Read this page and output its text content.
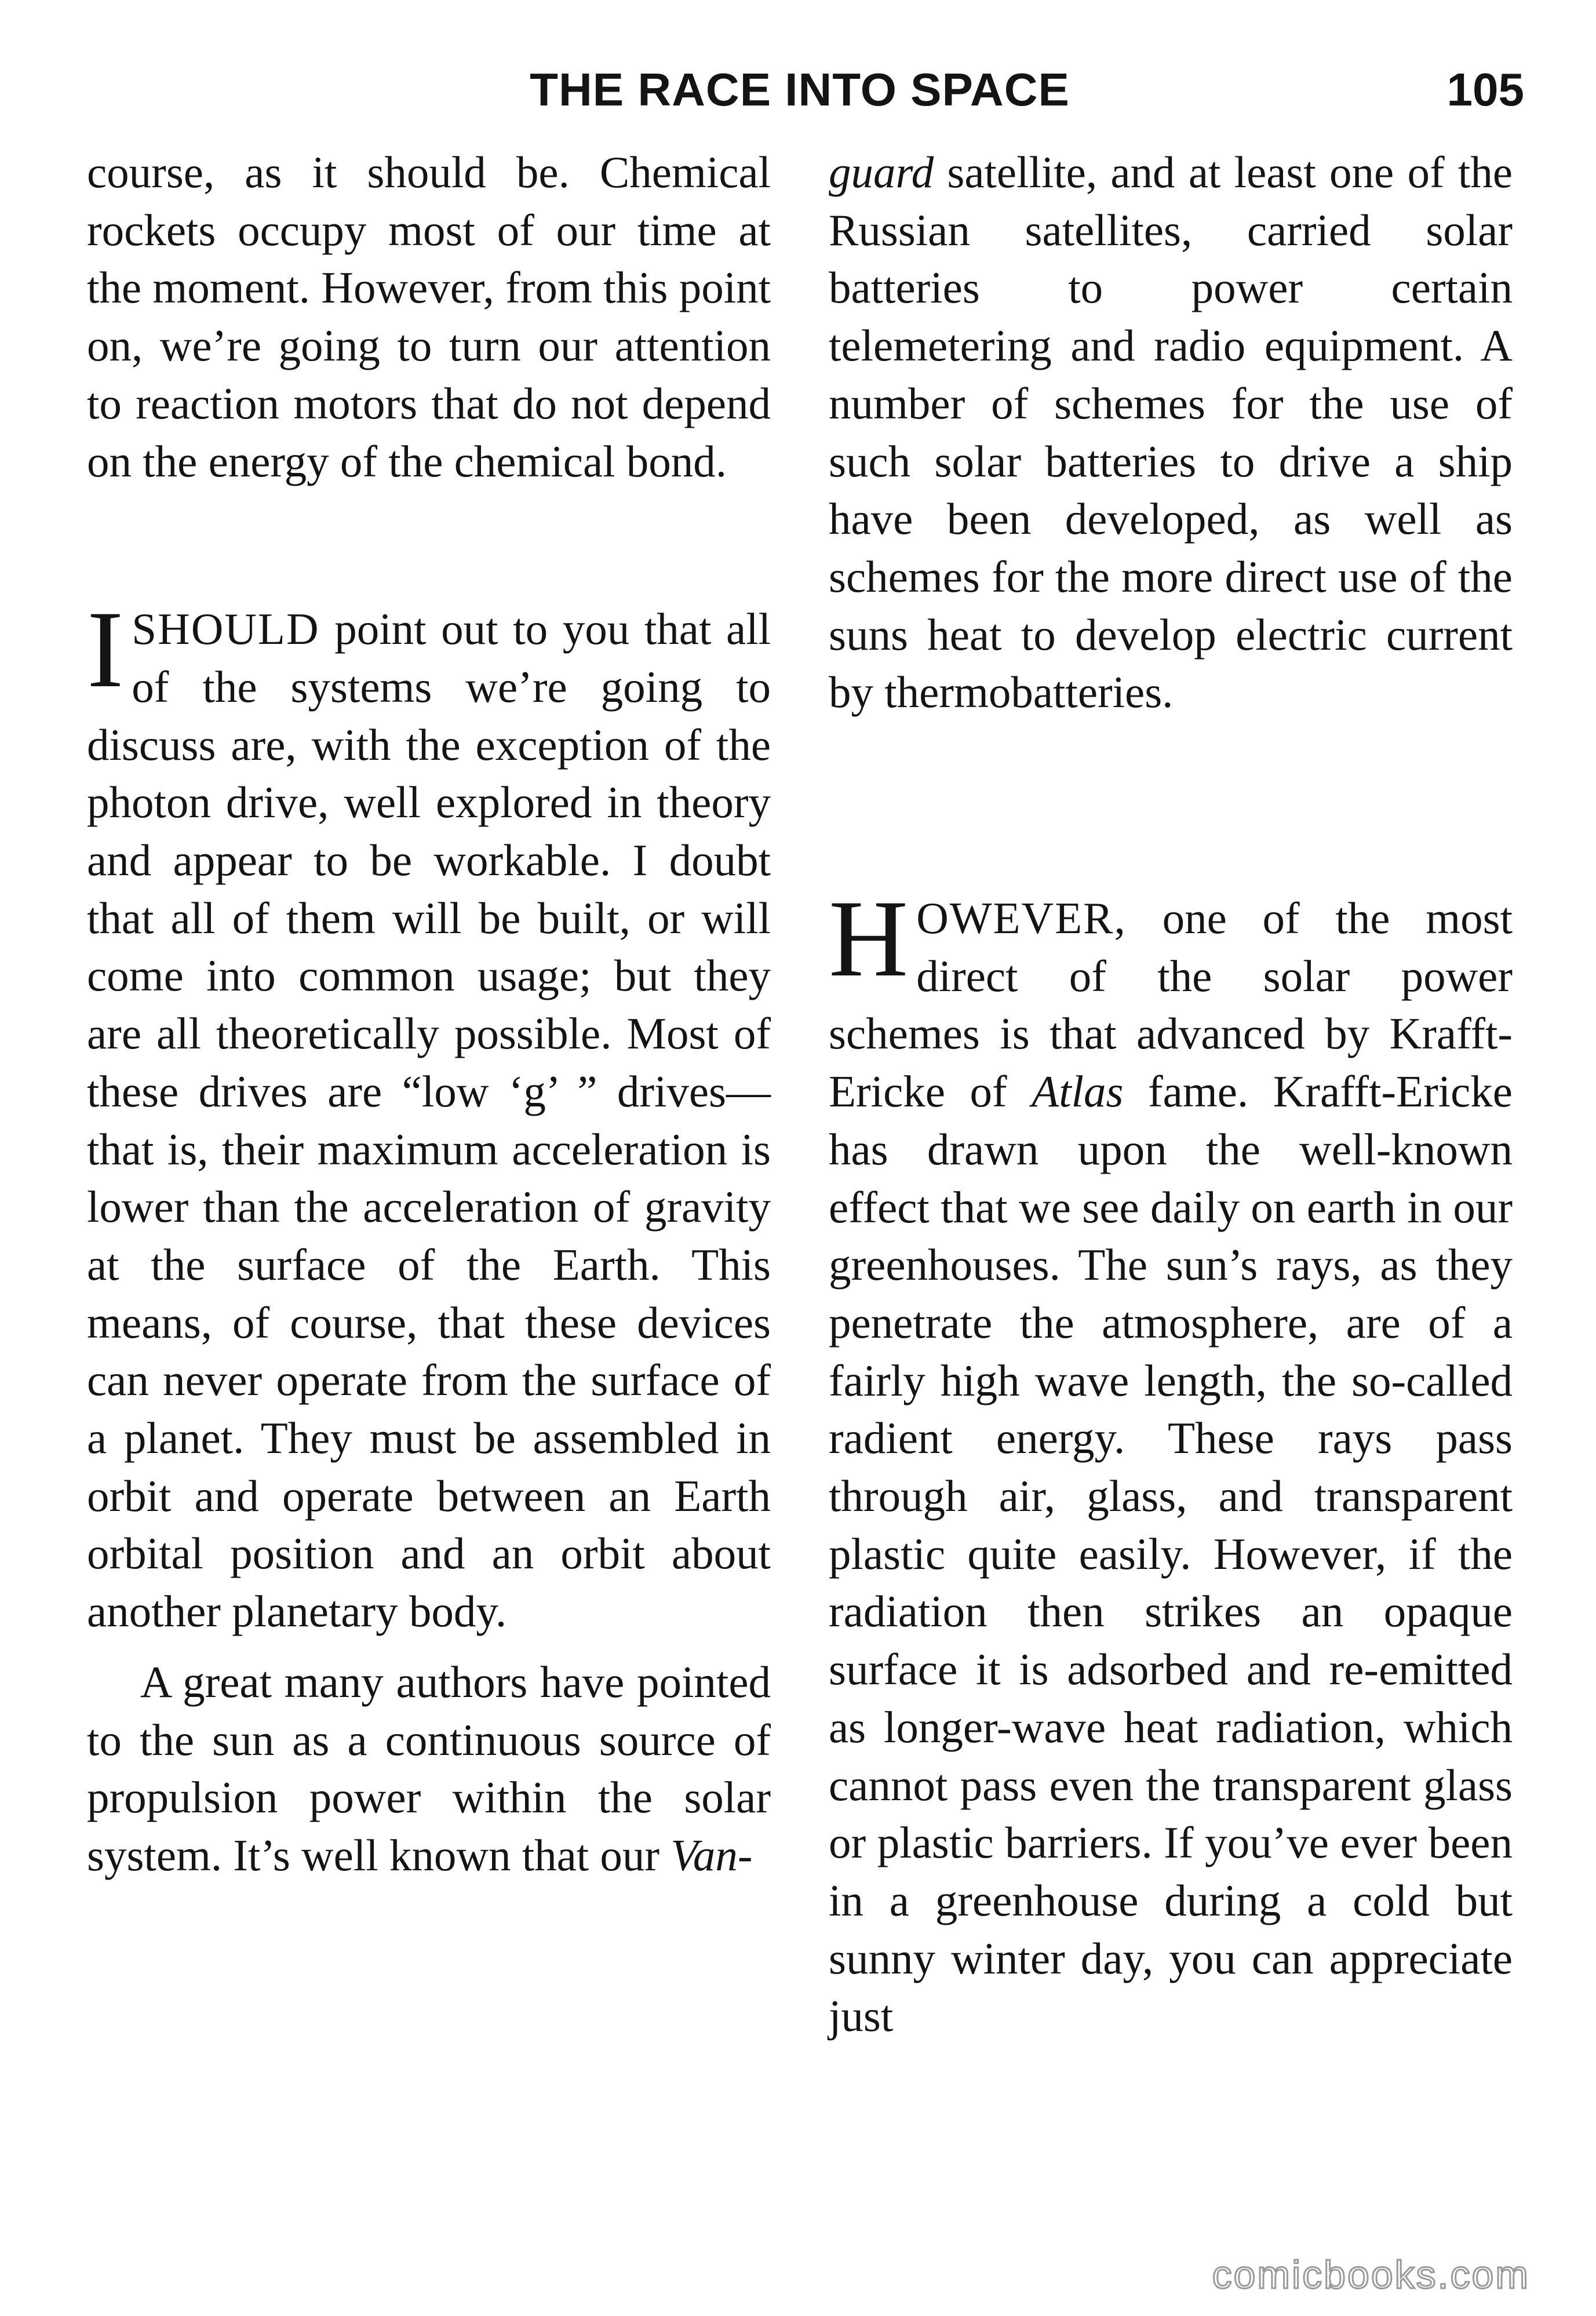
THE RACE INTO SPACE	105

course, as it should be. Chemical rockets occupy most of our time at the moment. However, from this point on, we’re going to turn our attention to reaction motors that do not depend on the energy of the chemical bond.

ISHOULD point out to you that all of the systems we’re going to discuss are, with the exception of the photon drive, well explored in theory and appear to be workable. I doubt that all of them will be built, or will come into common usage; but they are all theoretically possible. Most of these drives are “low ‘g’ ” drives—that is, their maximum acceleration is lower than the acceleration of gravity at the surface of the Earth. This means, of course, that these devices can never operate from the surface of a planet. They must be assembled in orbit and operate between an Earth orbital position and an orbit about another planetary body.

A great many authors have pointed to the sun as a continuous source of propulsion power within the solar system. It’s well known that our Van-

guard satellite, and at least one of the Russian satellites, carried solar batteries to power certain telemetering and radio equipment. A number of schemes for the use of such solar batteries to drive a ship have been developed, as well as schemes for the more direct use of the suns heat to develop electric current by thermobatteries.

HOWEVER, one of the most direct of the solar power schemes is that advanced by Krafft-Ericke of Atlas fame. Krafft-Ericke has drawn upon the well-known effect that we see daily on earth in our greenhouses. The sun’s rays, as they penetrate the atmosphere, are of a fairly high wave length, the so-called radient energy. These rays pass through air, glass, and transparent plastic quite easily. However, if the radiation then strikes an opaque surface it is adsorbed and re-emitted as longer-wave heat radiation, which cannot pass even the transparent glass or plastic barriers. If you’ve ever been in a greenhouse during a cold but sunny winter day, you can appreciate just

comicbooks.com
